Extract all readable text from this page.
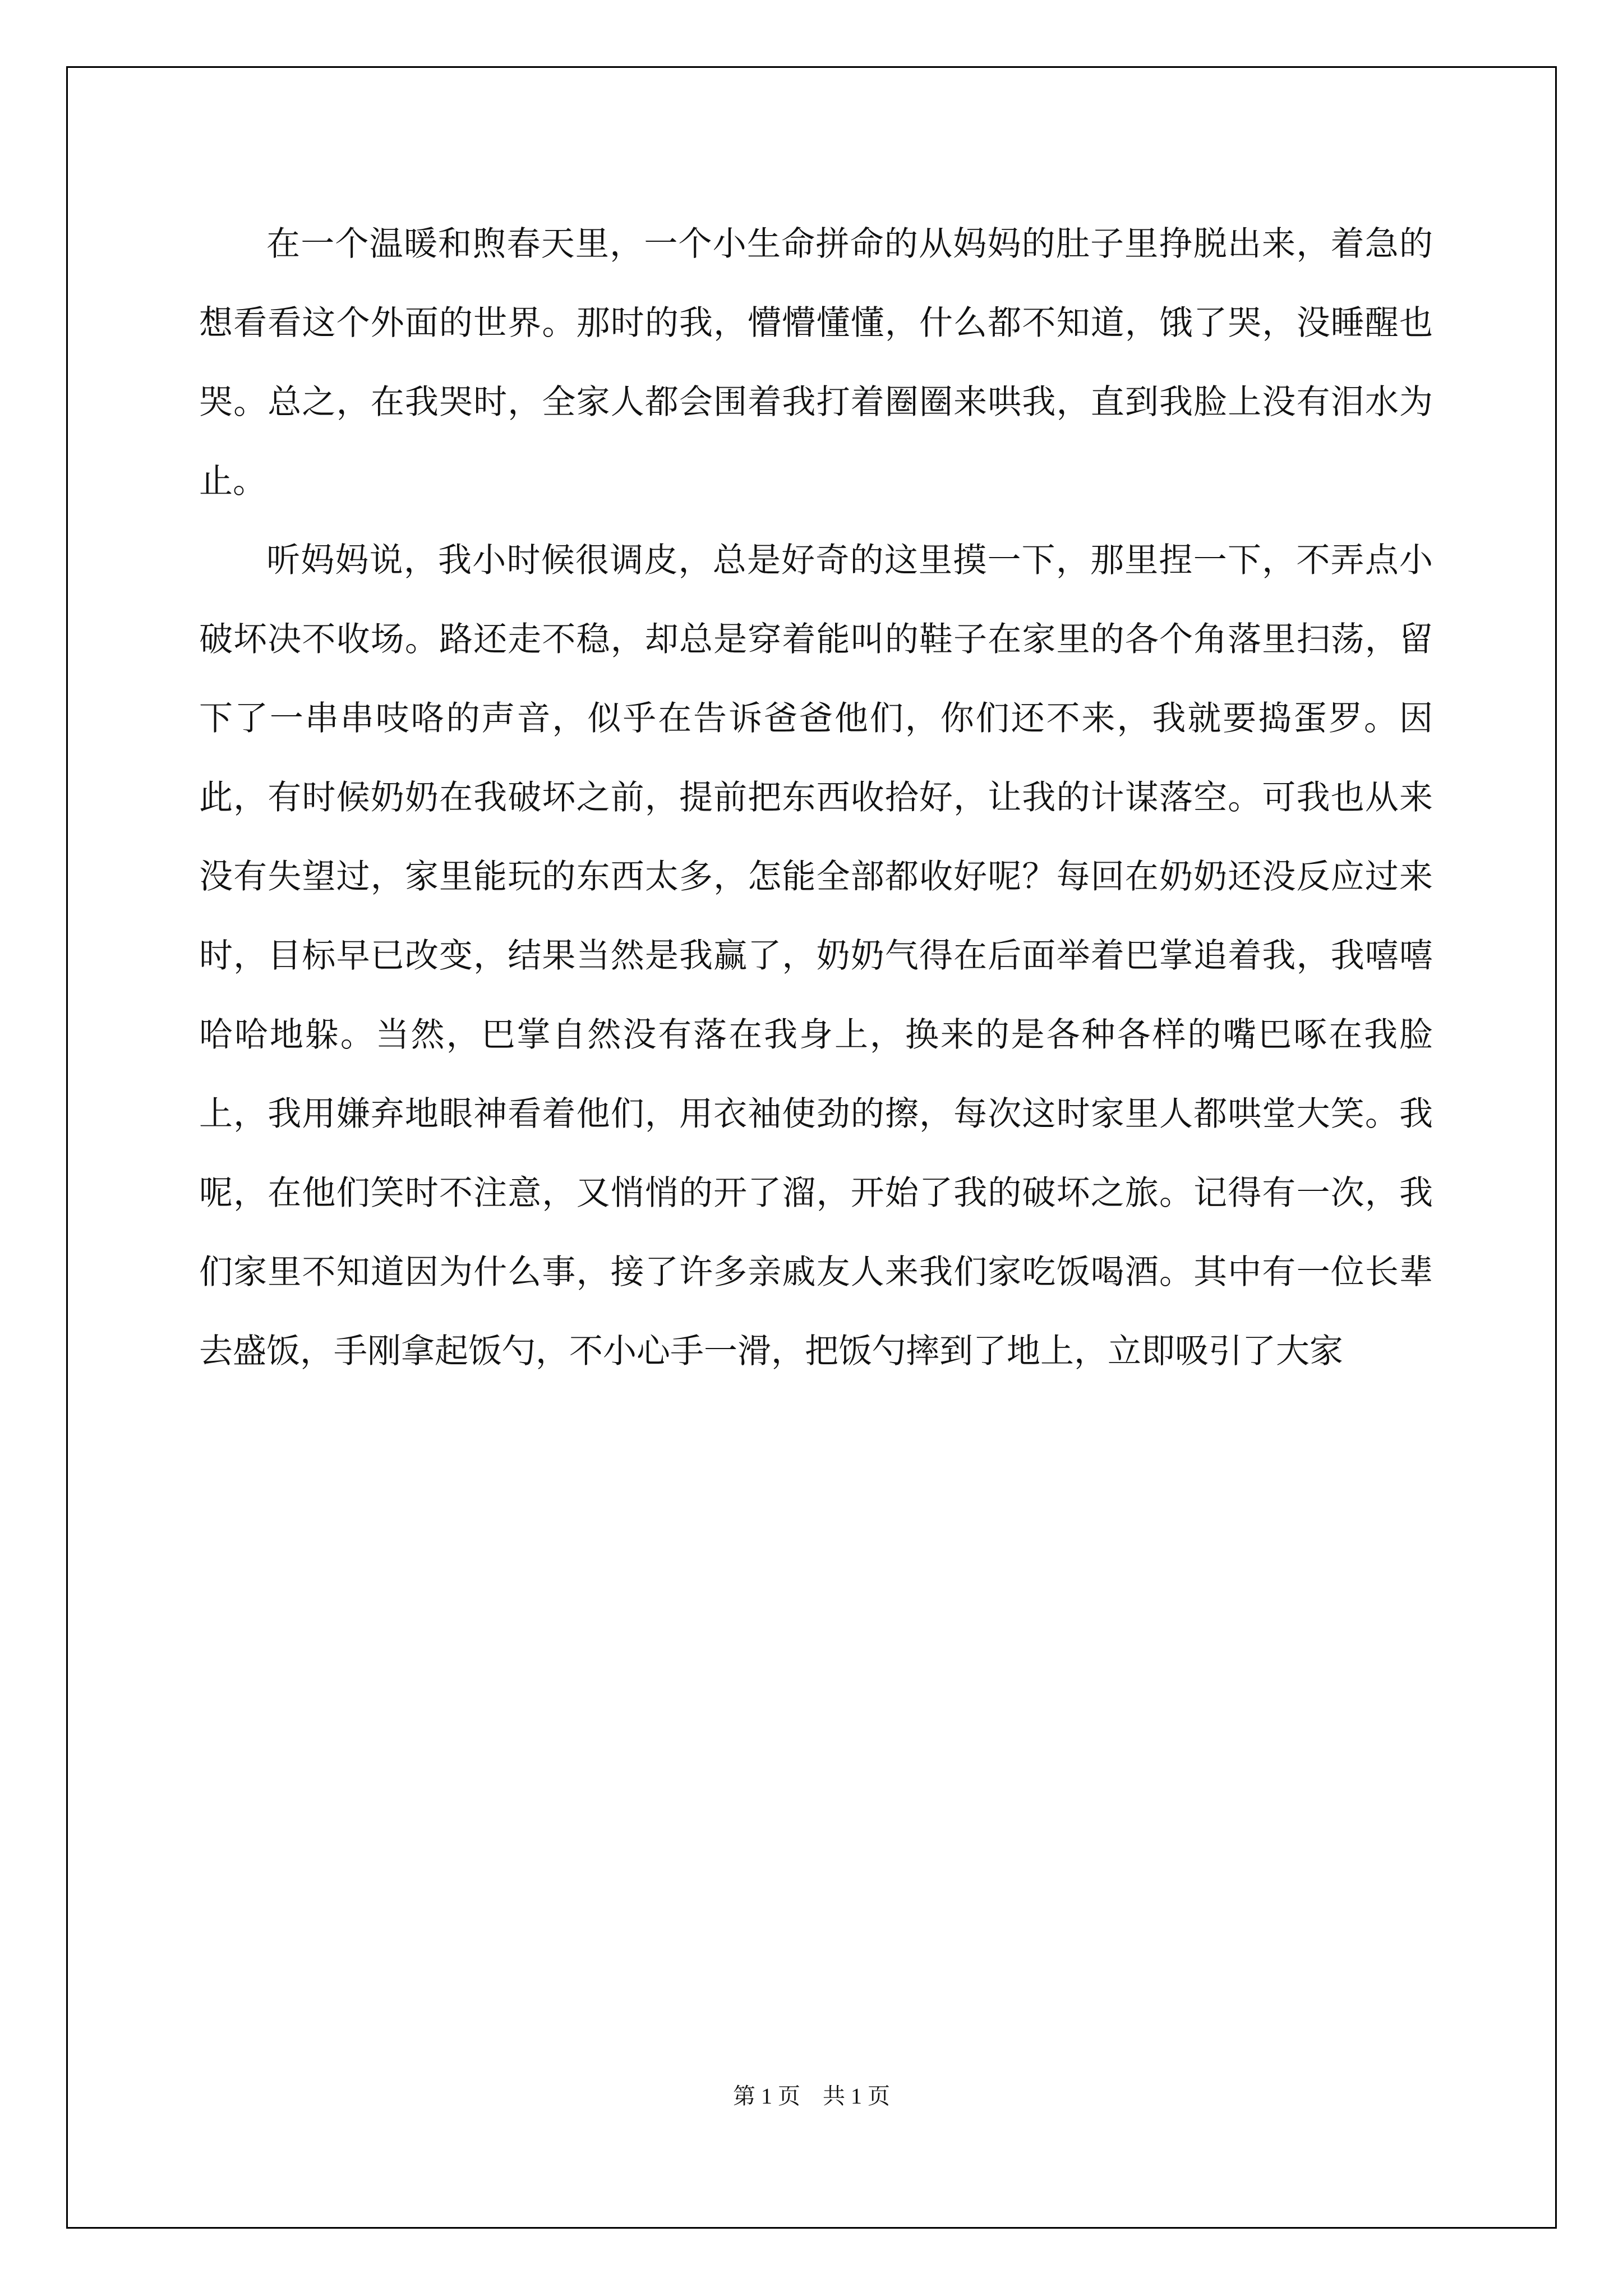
在一个温暖和煦春天里，一个小生命拼命的从妈妈的肚子里挣脱出来，着急的想看看这个外面的世界。那时的我，懵懵懂懂，什么都不知道，饿了哭，没睡醒也哭。总之，在我哭时，全家人都会围着我打着圈圈来哄我，直到我脸上没有泪水为止。

听妈妈说，我小时候很调皮，总是好奇的这里摸一下，那里捏一下，不弄点小破坏决不收场。路还走不稳，却总是穿着能叫的鞋子在家里的各个角落里扫荡，留下了一串串吱咯的声音，似乎在告诉爸爸他们，你们还不来，我就要捣蛋罗。因此，有时候奶奶在我破坏之前，提前把东西收拾好，让我的计谋落空。可我也从来没有失望过，家里能玩的东西太多，怎能全部都收好呢？每回在奶奶还没反应过来时，目标早已改变，结果当然是我赢了，奶奶气得在后面举着巴掌追着我，我嘻嘻哈哈地躲。当然，巴掌自然没有落在我身上，换来的是各种各样的嘴巴啄在我脸上，我用嫌弃地眼神看着他们，用衣袖使劲的擦，每次这时家里人都哄堂大笑。我呢，在他们笑时不注意，又悄悄的开了溜，开始了我的破坏之旅。记得有一次，我们家里不知道因为什么事，接了许多亲戚友人来我们家吃饭喝酒。其中有一位长辈去盛饭，手刚拿起饭勺，不小心手一滑，把饭勺摔到了地上，立即吸引了大家

第 1 页　共 1 页
